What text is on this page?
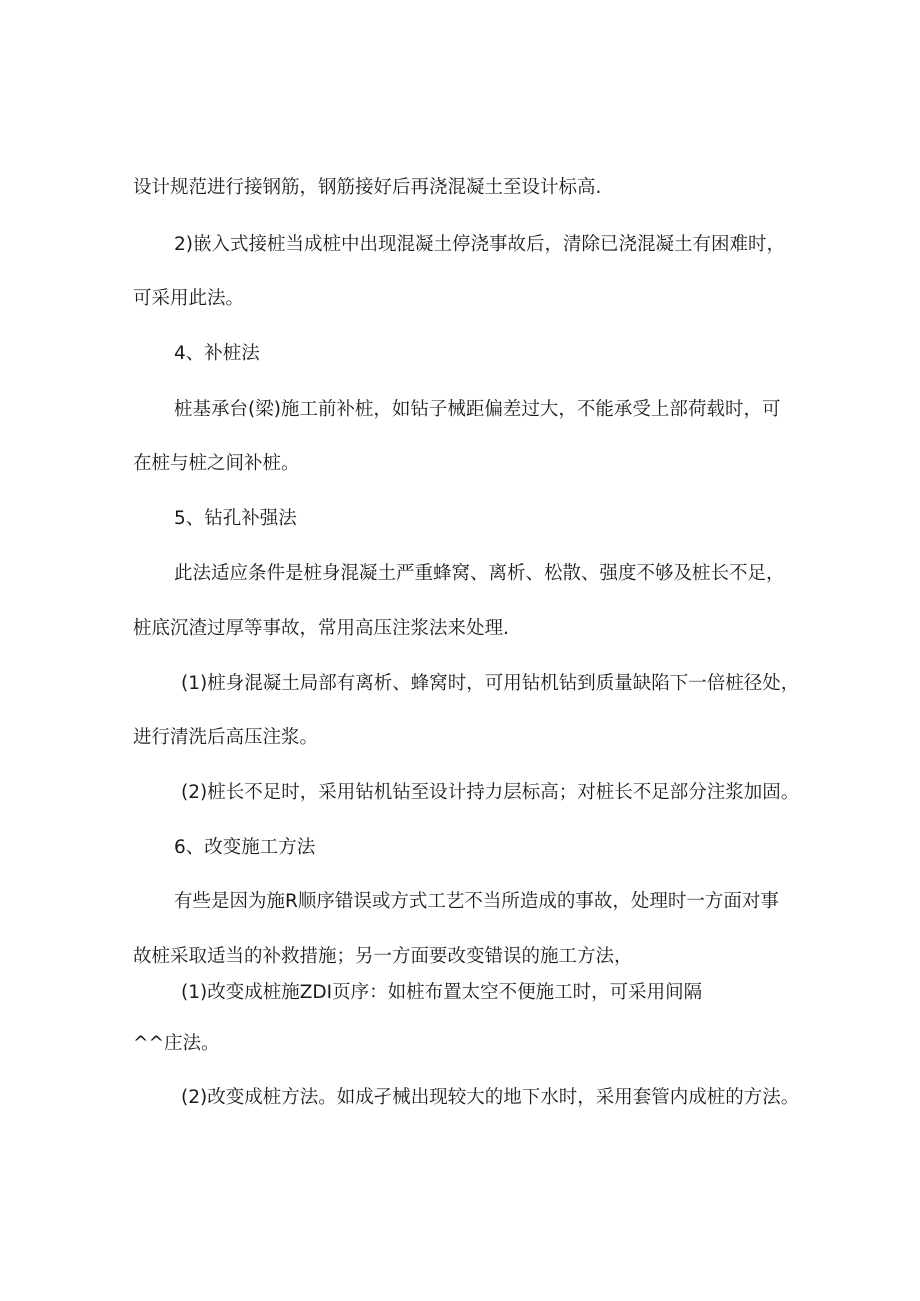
设计规范进行接钢筋，钢筋接好后再浇混凝土至设计标高.
2)嵌入式接桩当成桩中出现混凝土停浇事故后，清除已浇混凝土有困难时，
可采用此法。
4、补桩法
桩基承台(梁)施工前补桩，如钻子械距偏差过大，不能承受上部荷载时，可
在桩与桩之间补桩。
5、钻孔补强法
此法适应条件是桩身混凝土严重蜂窝、离析、松散、强度不够及桩长不足，
桩底沉渣过厚等事故，常用高压注浆法来处理.
(1)桩身混凝土局部有离析、蜂窝时，可用钻机钻到质量缺陷下一倍桩径处，
进行清洗后高压注浆。
(2)桩长不足时，采用钻机钻至设计持力层标高；对桩长不足部分注浆加固。
6、改变施工方法
有些是因为施R顺序错误或方式工艺不当所造成的事故，处理时一方面对事
故桩采取适当的补救措施；另一方面要改变错误的施工方法，
(1)改变成桩施ZDI页序：如桩布置太空不便施工时，可采用间隔
^^庄法。
(2)改变成桩方法。如成孑械出现较大的地下水时，采用套管内成桩的方法。
